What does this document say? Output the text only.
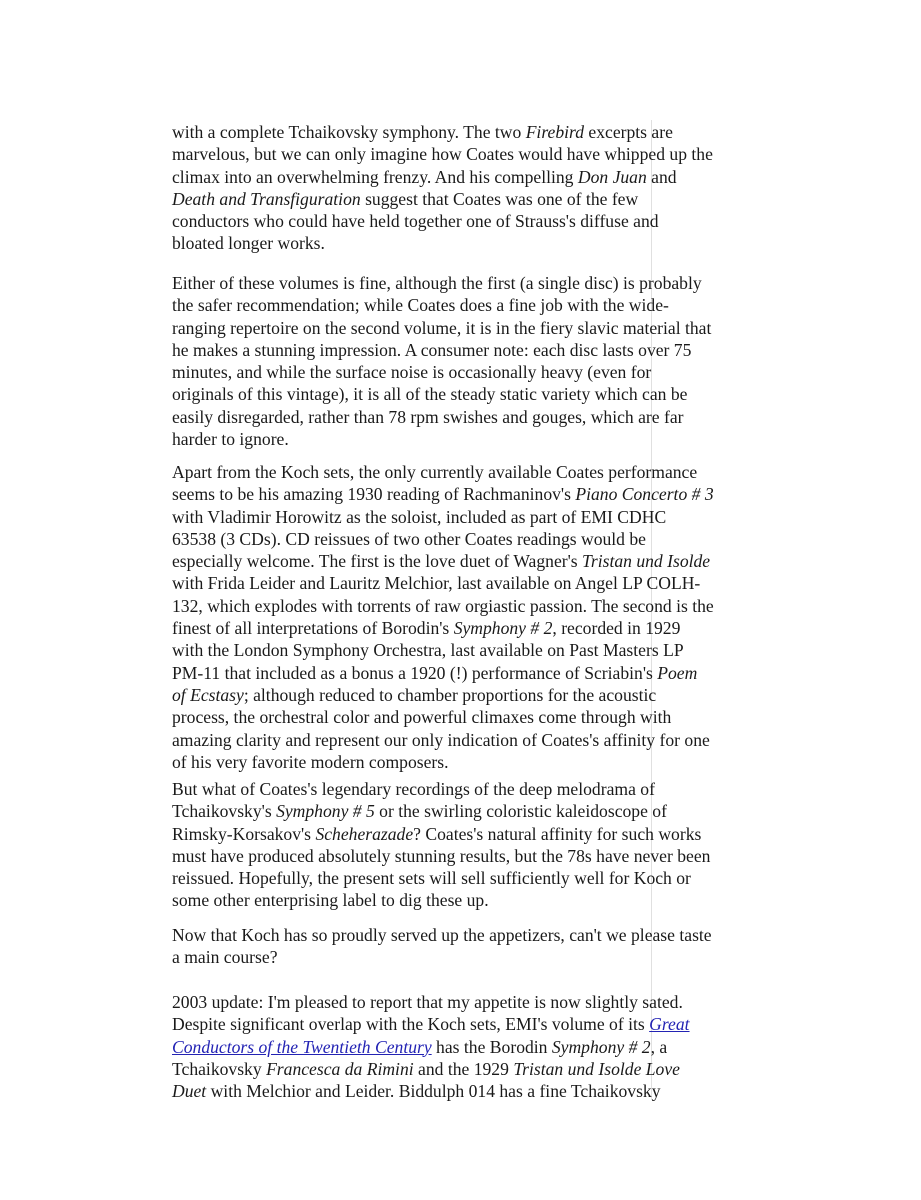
with a complete Tchaikovsky symphony. The two Firebird excerpts are
marvelous, but we can only imagine how Coates would have whipped up the
climax into an overwhelming frenzy. And his compelling Don Juan and
Death and Transfiguration suggest that Coates was one of the few
conductors who could have held together one of Strauss's diffuse and
bloated longer works.

Either of these volumes is fine, although the first (a single disc) is probably
the safer recommendation; while Coates does a fine job with the wide-
ranging repertoire on the second volume, it is in the fiery slavic material that
he makes a stunning impression. A consumer note: each disc lasts over 75
minutes, and while the surface noise is occasionally heavy (even for
originals of this vintage), it is all of the steady static variety which can be
easily disregarded, rather than 78 rpm swishes and gouges, which are far
harder to ignore.

Apart from the Koch sets, the only currently available Coates performance
seems to be his amazing 1930 reading of Rachmaninov's Piano Concerto # 3
with Vladimir Horowitz as the soloist, included as part of EMI CDHC
63538 (3 CDs). CD reissues of two other Coates readings would be
especially welcome. The first is the love duet of Wagner's Tristan und Isolde
with Frida Leider and Lauritz Melchior, last available on Angel LP COLH-
132, which explodes with torrents of raw orgiastic passion. The second is the
finest of all interpretations of Borodin's Symphony # 2, recorded in 1929
with the London Symphony Orchestra, last available on Past Masters LP
PM-11 that included as a bonus a 1920 (!) performance of Scriabin's Poem
of Ecstasy; although reduced to chamber proportions for the acoustic
process, the orchestral color and powerful climaxes come through with
amazing clarity and represent our only indication of Coates's affinity for one
of his very favorite modern composers.

But what of Coates's legendary recordings of the deep melodrama of
Tchaikovsky's Symphony # 5 or the swirling coloristic kaleidoscope of
Rimsky-Korsakov's Scheherazade? Coates's natural affinity for such works
must have produced absolutely stunning results, but the 78s have never been
reissued. Hopefully, the present sets will sell sufficiently well for Koch or
some other enterprising label to dig these up.

Now that Koch has so proudly served up the appetizers, can't we please taste
a main course?

2003 update: I'm pleased to report that my appetite is now slightly sated.
Despite significant overlap with the Koch sets, EMI's volume of its Great
Conductors of the Twentieth Century has the Borodin Symphony # 2, a
Tchaikovsky Francesca da Rimini and the 1929 Tristan und Isolde Love
Duet with Melchior and Leider. Biddulph 014 has a fine Tchaikovsky
